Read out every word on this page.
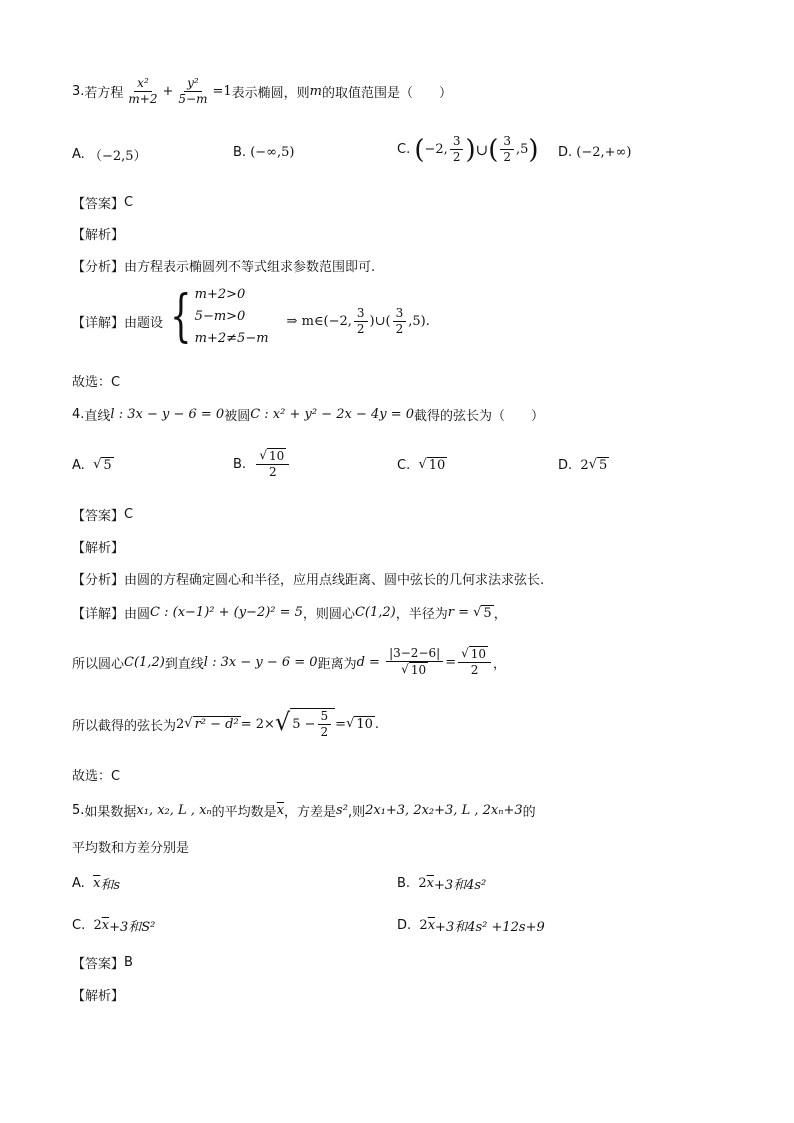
3. 若方程 $\frac{\text{x²}}{m+2} + \frac{\text{y²}}{5-m} =1$ 表示椭圆，则 m 的取值范围是（　　）
A.
（−2,5）	B.
(−∞,5)	C.
( −2, $\frac{3}{2}$ ) ∪ ( $\frac{3}{2} ,5$ ) D.
(−2,+∞)
【答案】 C
【解析】
【分析】 由方程表示椭圆列不等式组求参数范围即可.
【详解】 由题设 { m+2>0
5−m>0
m+2≠5−m
⇒ m∈(−2, $\frac{3}{2}$ )∪( $\frac{3}{2} ,5$).
故选：C
4. 直线 l : 3x − y − 6 = 0 被圆 C : x² + y² − 2x − 4y = 0 截得的弦长为（　　）
A.
√ 5	B.
$\frac{√ 10}{2}$	C.
√ 10	D.
2 √ 5
【答案】 C
【解析】
【分析】 由圆的方程确定圆心和半径，应用点线距离、圆中弦长的几何求法求弦长.
【详解】 由圆 C : (x−1)² + (y−2)² = 5 ，则圆心 C(1,2) ，半径为 r =
√ 5 ，
所以圆心 C(1,2) 到直线 l : 3x − y − 6 = 0 距离为 d =
$\frac{|3-2-6|}{√ 10} = \frac{√ 10}{2}$ ，
所以截得的弦长为 2 √ r² − d² = 2× √ $5 - \frac{5}{2}$ = √ 10 .
故选：C
5. 如果数据 x₁, x₂, L , xₙ 的平均数是 $\overline{x}$ ，方差是 s² ,则 2x₁+3, 2x₂+3, L , 2xₙ+3 的
平均数和方差分别是
A.
$\overline{x}$ 和s	B.
2 $\overline{x} +3$和4s²
C.
2 $\overline{x} +3$和S²	D.
2 $\overline{x} +3$和4s² +12s+9
【答案】 B
【解析】
